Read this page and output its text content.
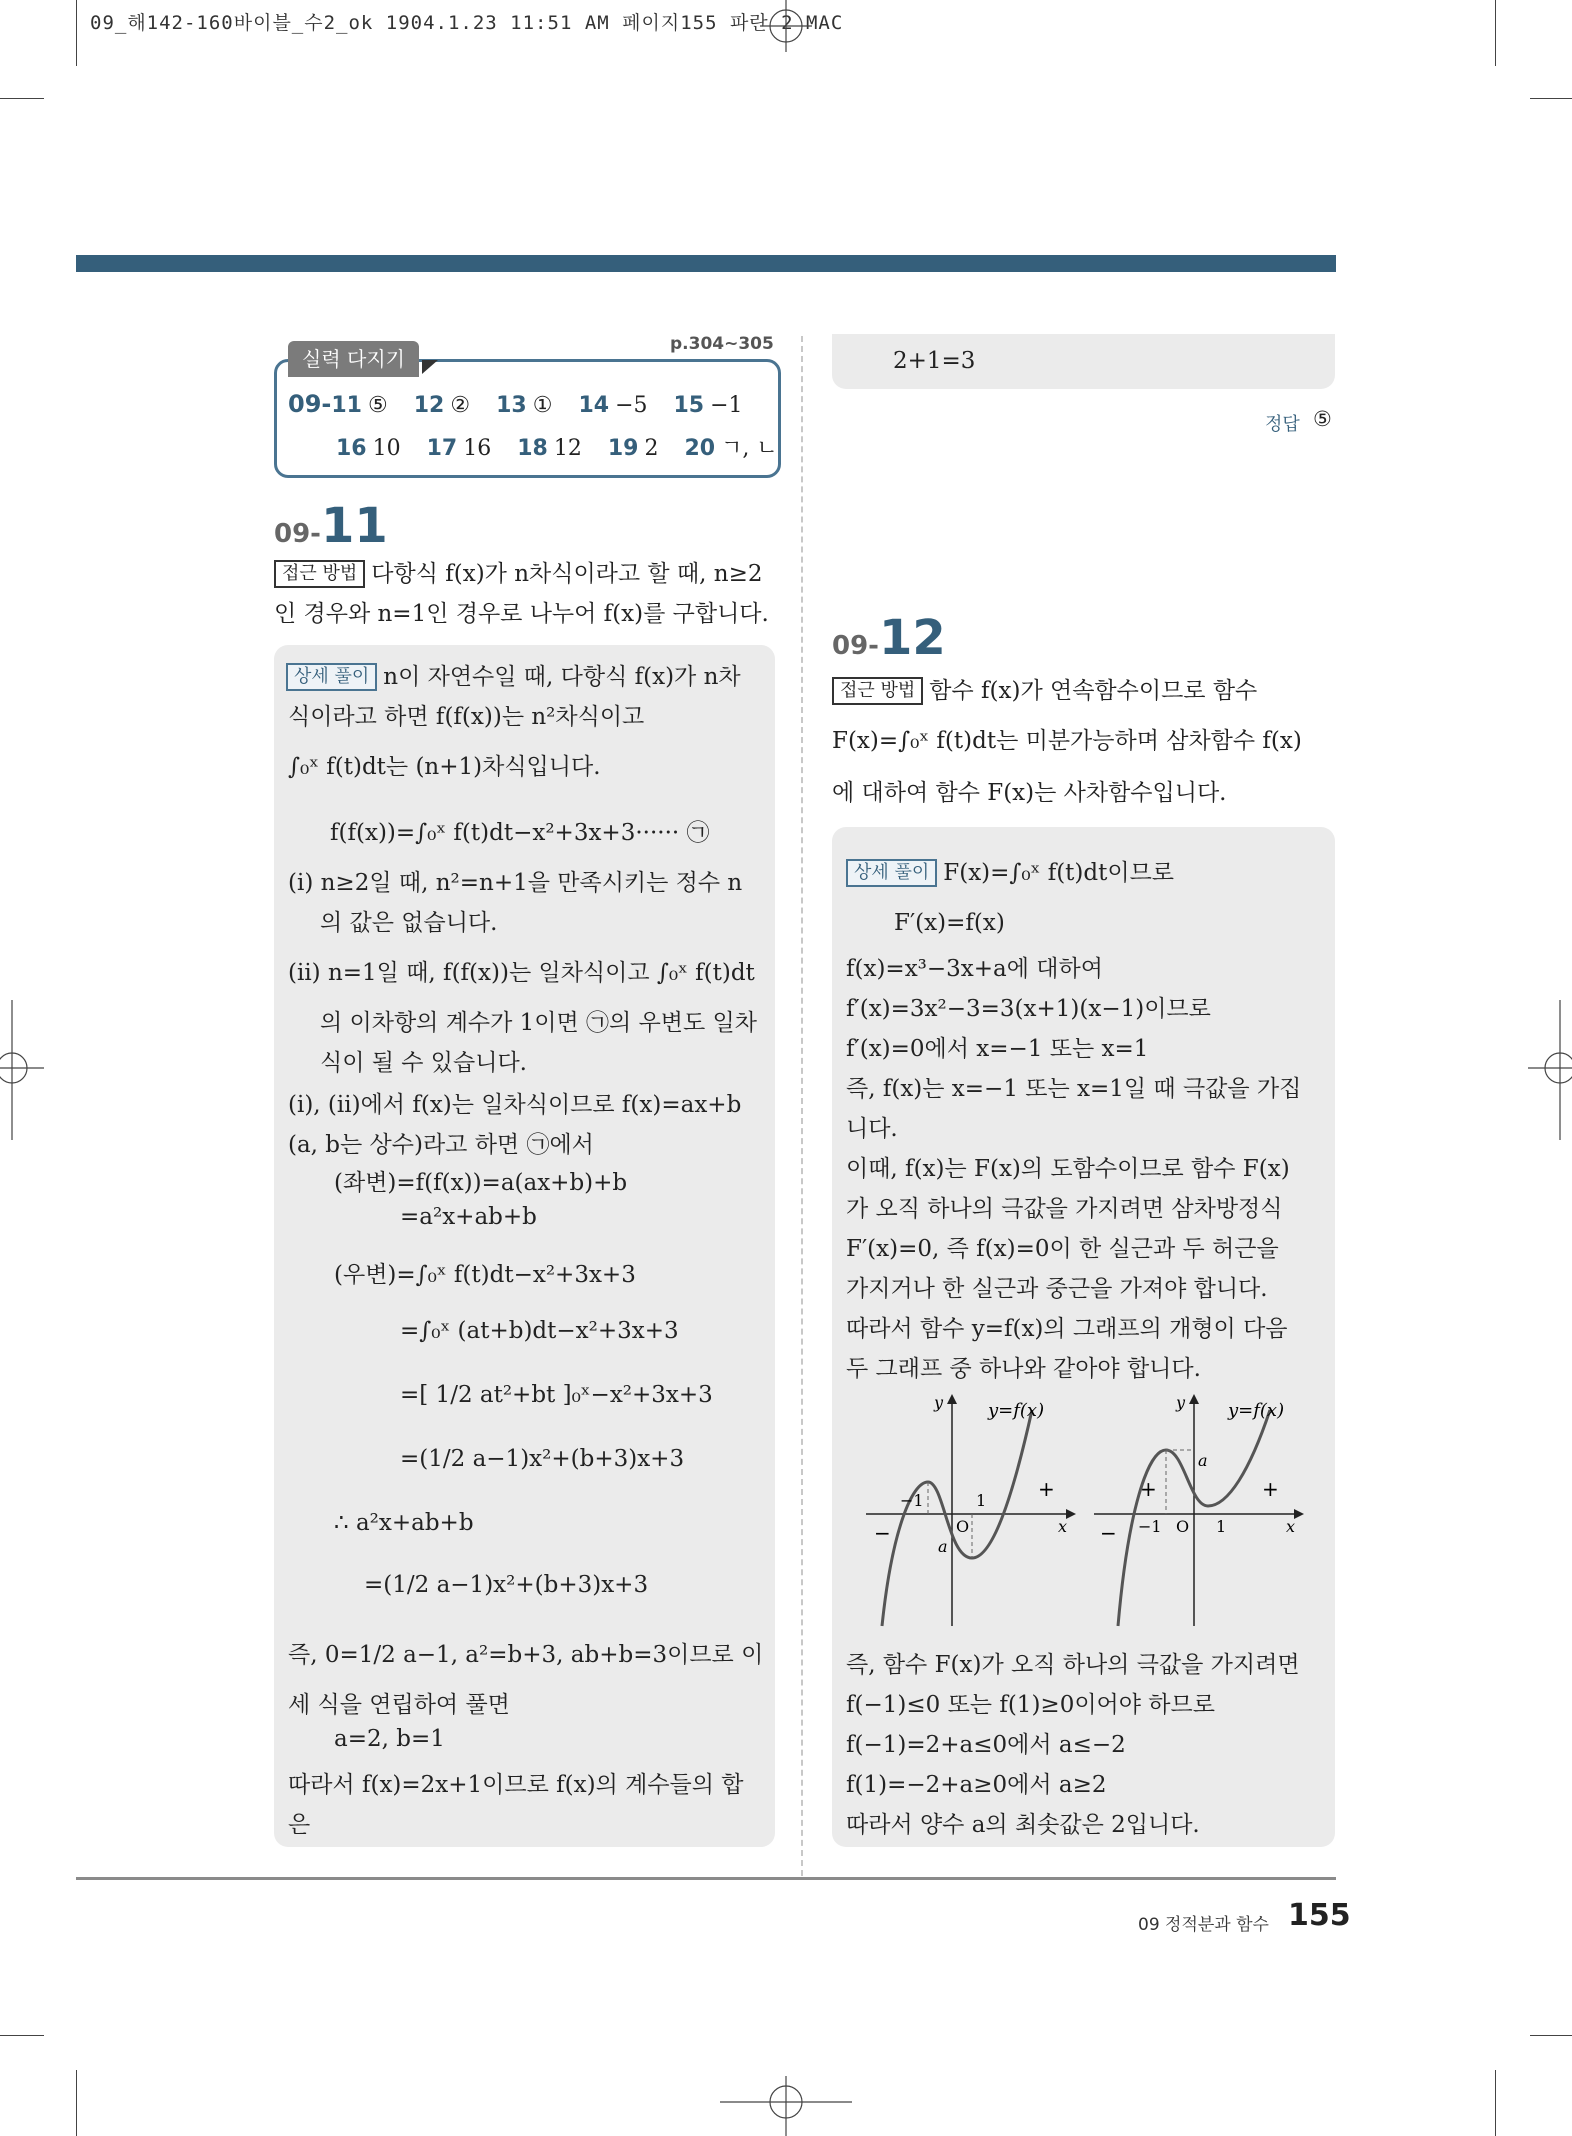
09_해142-160바이블_수2_ok 1904.1.23 11:51 AM 페이지155 파란 2 MAC
p.304~305
실력 다지기
09-11 ⑤ 12 ② 13 ① 14 −5 15 −1
16 10 17 16 18 12 19 2 20 ㄱ, ㄴ
09-11
접근 방법 다항식 f(x)가 n차식이라고 할 때, n≥2
인 경우와 n=1인 경우로 나누어 f(x)를 구합니다.
상세 풀이 n이 자연수일 때, 다항식 f(x)가 n차
식이라고 하면 f(f(x))는 n²차식이고
∫₀ˣ f(t)dt는 (n+1)차식입니다.
f(f(x))=∫₀ˣ f(t)dt−x²+3x+3······ ㉠
(ⅰ) n≥2일 때, n²=n+1을 만족시키는 정수 n
의 값은 없습니다.
(ⅱ) n=1일 때, f(f(x))는 일차식이고 ∫₀ˣ f(t)dt
의 이차항의 계수가 1이면 ㉠의 우변도 일차
식이 될 수 있습니다.
(ⅰ), (ⅱ)에서 f(x)는 일차식이므로 f(x)=ax+b
(a, b는 상수)라고 하면 ㉠에서
(좌변)=f(f(x))=a(ax+b)+b
=a²x+ab+b
(우변)=∫₀ˣ f(t)dt−x²+3x+3
=∫₀ˣ (at+b)dt−x²+3x+3
=[ 1/2 at²+bt ]₀ˣ−x²+3x+3
=(1/2 a−1)x²+(b+3)x+3
∴ a²x+ab+b
=(1/2 a−1)x²+(b+3)x+3
즉, 0=1/2 a−1, a²=b+3, ab+b=3이므로 이
세 식을 연립하여 풀면
a=2, b=1
따라서 f(x)=2x+1이므로 f(x)의 계수들의 합
은
2+1=3
정답 ⑤
09-12
접근 방법 함수 f(x)가 연속함수이므로 함수
F(x)=∫₀ˣ f(t)dt는 미분가능하며 삼차함수 f(x)
에 대하여 함수 F(x)는 사차함수입니다.
상세 풀이 F(x)=∫₀ˣ f(t)dt이므로
F′(x)=f(x)
f(x)=x³−3x+a에 대하여
f′(x)=3x²−3=3(x+1)(x−1)이므로
f′(x)=0에서 x=−1 또는 x=1
즉, f(x)는 x=−1 또는 x=1일 때 극값을 가집
니다.
이때, f(x)는 F(x)의 도함수이므로 함수 F(x)
가 오직 하나의 극값을 가지려면 삼차방정식
F′(x)=0, 즉 f(x)=0이 한 실근과 두 허근을
가지거나 한 실근과 중근을 가져야 합니다.
따라서 함수 y=f(x)의 그래프의 개형이 다음
두 그래프 중 하나와 같아야 합니다.
y y=f(x)
x
−1	1
O
a
+
−
y y=f(x)
x
−1	1
O
a
+	+
−
즉, 함수 F(x)가 오직 하나의 극값을 가지려면
f(−1)≤0 또는 f(1)≥0이어야 하므로
f(−1)=2+a≤0에서 a≤−2
f(1)=−2+a≥0에서 a≥2
따라서 양수 a의 최솟값은 2입니다.
09 정적분과 함수 155
